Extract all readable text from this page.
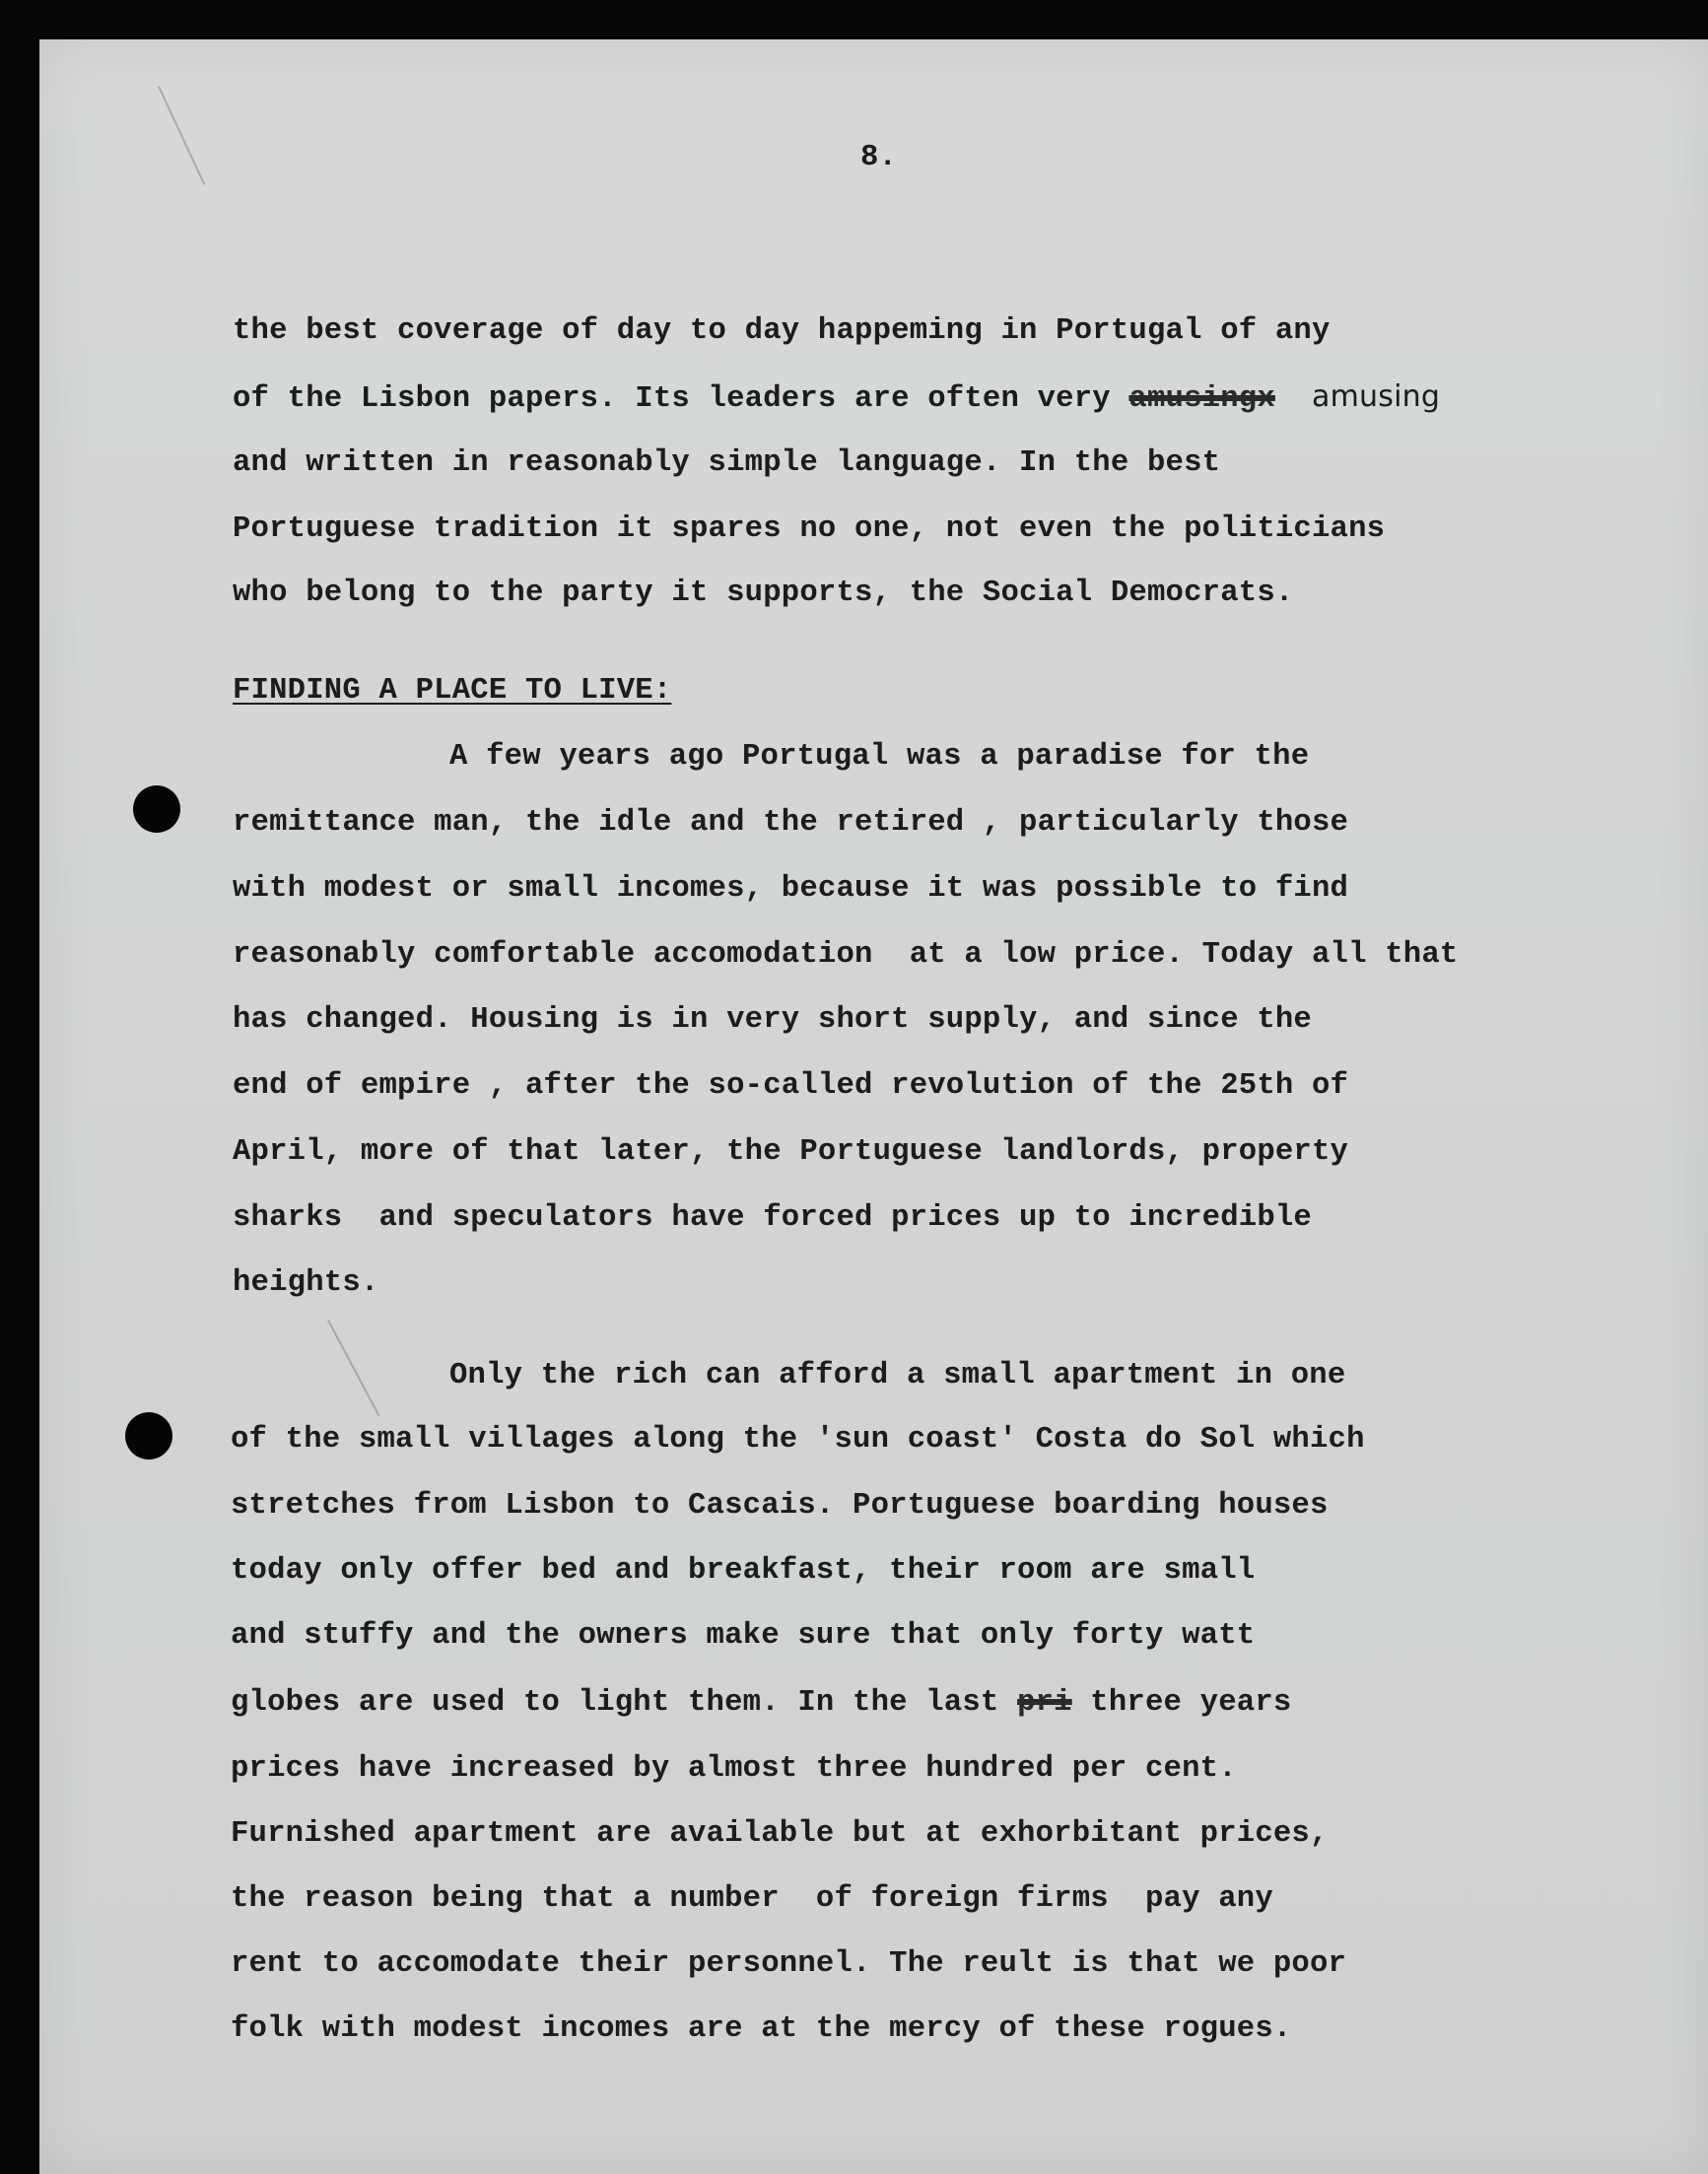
8.
the best coverage of day to day happeming in Portugal of any
of the Lisbon papers. Its leaders are often very amusingx amusing
and written in reasonably simple language. In the best
Portuguese tradition it spares no one, not even the politicians
who belong to the party it supports, the Social Democrats.
FINDING A PLACE TO LIVE:
A few years ago Portugal was a paradise for the
remittance man, the idle and the retired , particularly those
with modest or small incomes, because it was possible to find
reasonably comfortable accomodation  at a low price. Today all that
has changed. Housing is in very short supply, and since the
end of empire , after the so-called revolution of the 25th of
April, more of that later, the Portuguese landlords, property
sharks  and speculators have forced prices up to incredible
heights.
Only the rich can afford a small apartment in one
of the small villages along the 'sun coast' Costa do Sol which
stretches from Lisbon to Cascais. Portuguese boarding houses
today only offer bed and breakfast, their room are small
and stuffy and the owners make sure that only forty watt
globes are used to light them. In the last pri three years
prices have increased by almost three hundred per cent.
Furnished apartment are available but at exhorbitant prices,
the reason being that a number  of foreign firms  pay any
rent to accomodate their personnel. The reult is that we poor
folk with modest incomes are at the mercy of these rogues.
